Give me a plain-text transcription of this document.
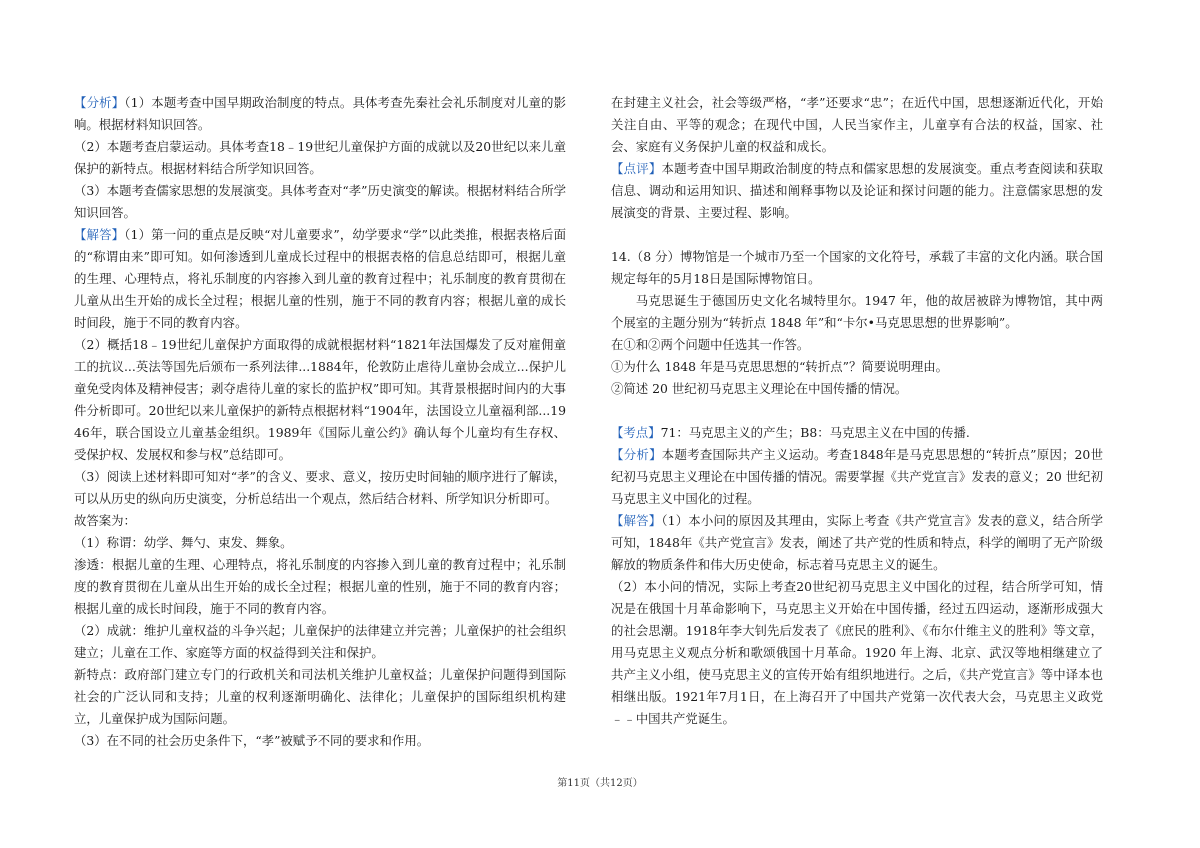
【分析】（1）本题考查中国早期政治制度的特点。具体考查先秦社会礼乐制度对儿童的影响。根据材料知识回答。

（2）本题考查启蒙运动。具体考查18﹣19世纪儿童保护方面的成就以及20世纪以来儿童保护的新特点。根据材料结合所学知识回答。

（3）本题考查儒家思想的发展演变。具体考查对“孝”历史演变的解读。根据材料结合所学知识回答。

【解答】（1）第一问的重点是反映“对儿童要求”，幼学要求“学”以此类推，根据表格后面的“称谓由来”即可知。如何渗透到儿童成长过程中的根据表格的信息总结即可，根据儿童的生理、心理特点，将礼乐制度的内容掺入到儿童的教育过程中；礼乐制度的教育贯彻在儿童从出生开始的成长全过程；根据儿童的性别，施于不同的教育内容；根据儿童的成长时间段，施于不同的教育内容。

（2）概括18﹣19世纪儿童保护方面取得的成就根据材料“1821年法国爆发了反对雇佣童工的抗议...英法等国先后颁布一系列法律...1884年，伦敦防止虐待儿童协会成立...保护儿童免受肉体及精神侵害；剥夺虐待儿童的家长的监护权”即可知。其背景根据时间内的大事件分析即可。20世纪以来儿童保护的新特点根据材料“1904年，法国设立儿童福利部...1946年，联合国设立儿童基金组织。1989年《国际儿童公约》确认每个儿童均有生存权、受保护权、发展权和参与权”总结即可。

（3）阅读上述材料即可知对“孝”的含义、要求、意义，按历史时间轴的顺序进行了解读，可以从历史的纵向历史演变，分析总结出一个观点，然后结合材料、所学知识分析即可。

故答案为：

（1）称谓：幼学、舞勺、束发、舞象。

渗透：根据儿童的生理、心理特点，将礼乐制度的内容掺入到儿童的教育过程中；礼乐制度的教育贯彻在儿童从出生开始的成长全过程；根据儿童的性别，施于不同的教育内容；根据儿童的成长时间段，施于不同的教育内容。

（2）成就：维护儿童权益的斗争兴起；儿童保护的法律建立并完善；儿童保护的社会组织建立；儿童在工作、家庭等方面的权益得到关注和保护。

新特点：政府部门建立专门的行政机关和司法机关维护儿童权益；儿童保护问题得到国际社会的广泛认同和支持；儿童的权利逐渐明确化、法律化；儿童保护的国际组织机构建立，儿童保护成为国际问题。

（3）在不同的社会历史条件下，“孝”被赋予不同的要求和作用。

在封建主义社会，社会等级严格，“孝”还要求“忠”；在近代中国，思想逐渐近代化，开始关注自由、平等的观念；在现代中国，人民当家作主，儿童享有合法的权益，国家、社会、家庭有义务保护儿童的权益和成长。

【点评】本题考查中国早期政治制度的特点和儒家思想的发展演变。重点考查阅读和获取信息、调动和运用知识、描述和阐释事物以及论证和探讨问题的能力。注意儒家思想的发展演变的背景、主要过程、影响。

14.（8 分）博物馆是一个城市乃至一个国家的文化符号，承载了丰富的文化内涵。联合国规定每年的5月18日是国际博物馆日。

马克思诞生于德国历史文化名城特里尔。1947 年，他的故居被辟为博物馆，其中两个展室的主题分别为“转折点 1848 年”和“卡尔•马克思思想的世界影响”。

在①和②两个问题中任选其一作答。

①为什么 1848 年是马克思思想的“转折点”？简要说明理由。

②简述 20 世纪初马克思主义理论在中国传播的情况。

【考点】71：马克思主义的产生；B8：马克思主义在中国的传播.

【分析】本题考查国际共产主义运动。考查1848年是马克思思想的“转折点”原因；20世纪初马克思主义理论在中国传播的情况。需要掌握《共产党宣言》发表的意义；20 世纪初马克思主义中国化的过程。

【解答】（1）本小问的原因及其理由，实际上考查《共产党宣言》发表的意义，结合所学可知，1848年《共产党宣言》发表，阐述了共产党的性质和特点，科学的阐明了无产阶级解放的物质条件和伟大历史使命，标志着马克思主义的诞生。

（2）本小问的情况，实际上考查20世纪初马克思主义中国化的过程，结合所学可知，情况是在俄国十月革命影响下，马克思主义开始在中国传播，经过五四运动，逐渐形成强大的社会思潮。1918年李大钊先后发表了《庶民的胜利》、《布尔什维主义的胜利》等文章，用马克思主义观点分析和歌颂俄国十月革命。1920 年上海、北京、武汉等地相继建立了共产主义小组，使马克思主义的宣传开始有组织地进行。之后，《共产党宣言》等中译本也相继出版。1921年7月1日，在上海召开了中国共产党第一次代表大会，马克思主义政党﹣﹣中国共产党诞生。

第11页（共12页）
